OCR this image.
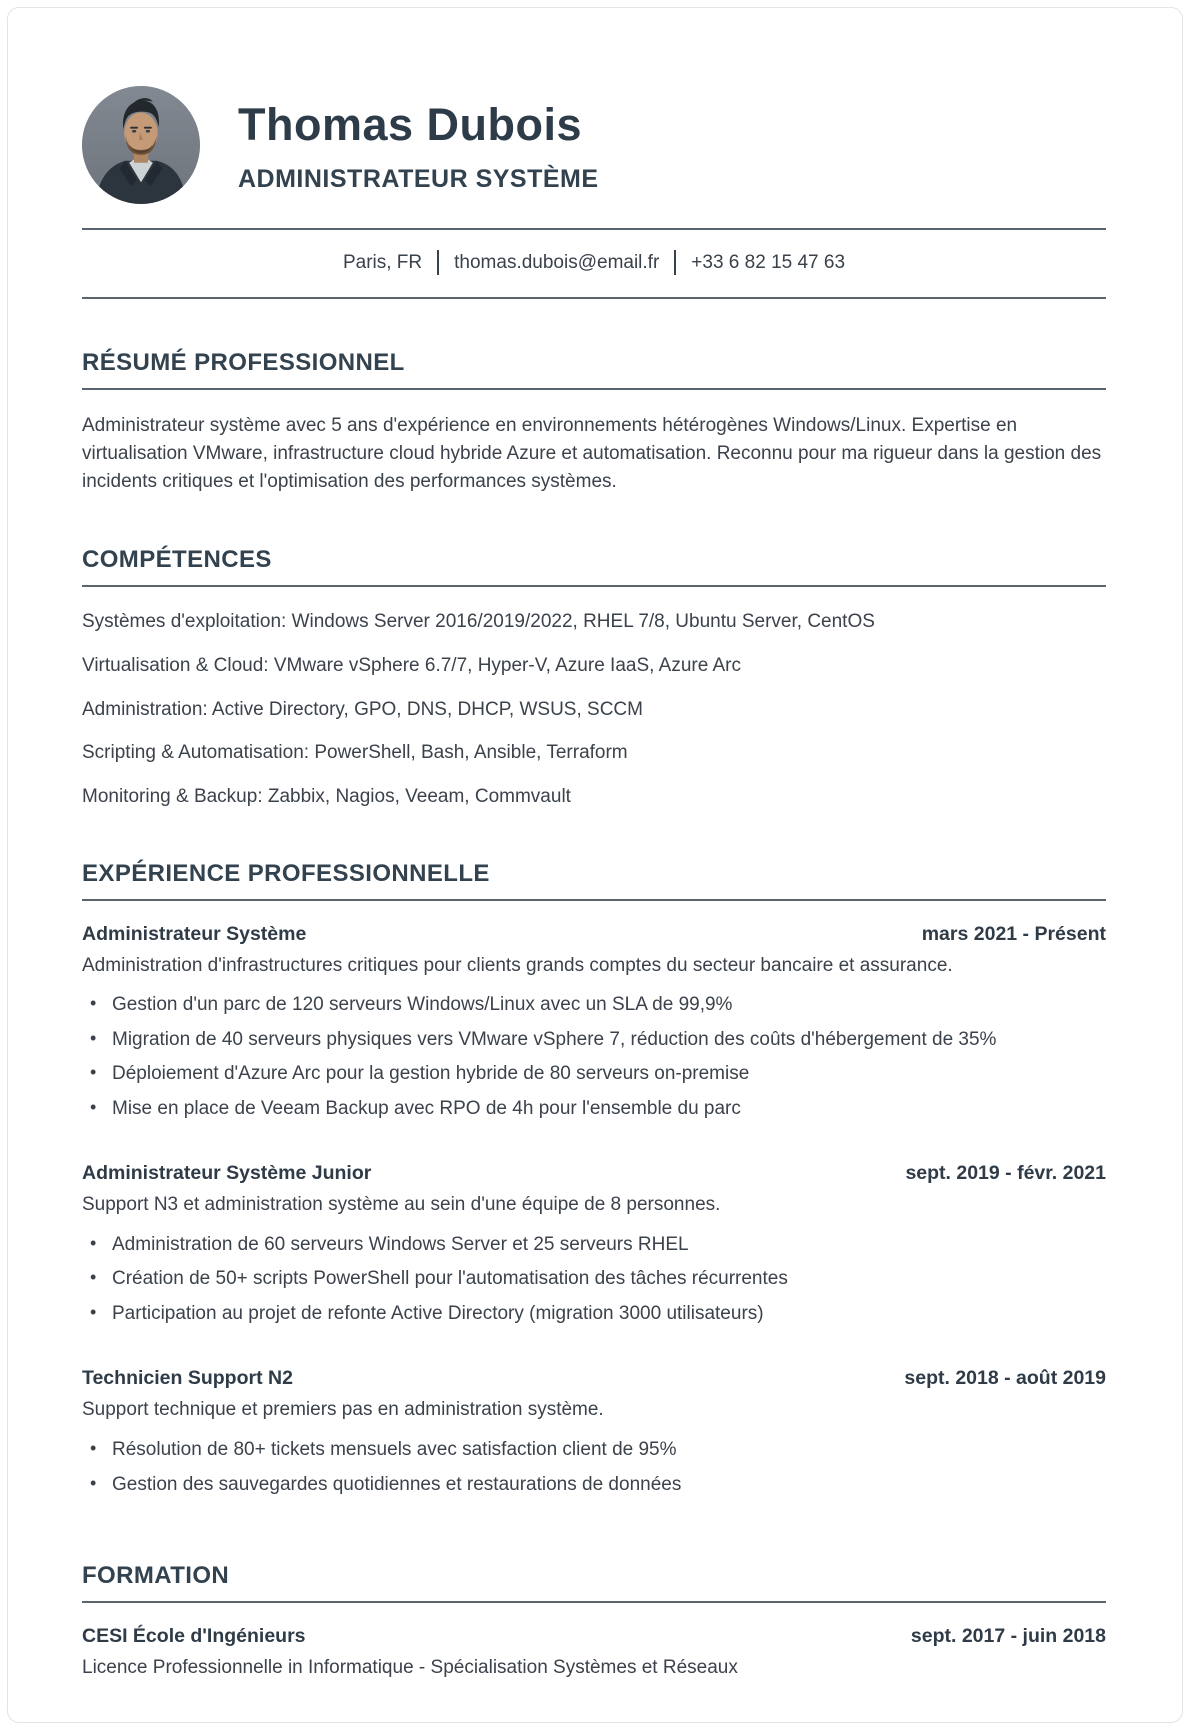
Thomas Dubois
ADMINISTRATEUR SYSTÈME
Paris, FR thomas.dubois@email.fr +33 6 82 15 47 63
RÉSUMÉ PROFESSIONNEL

Administrateur système avec 5 ans d'expérience en environnements hétérogènes Windows/Linux. Expertise en virtualisation VMware, infrastructure cloud hybride Azure et automatisation. Reconnu pour ma rigueur dans la gestion des incidents critiques et l'optimisation des performances systèmes.

COMPÉTENCES
Systèmes d'exploitation: Windows Server 2016/2019/2022, RHEL 7/8, Ubuntu Server, CentOS
Virtualisation & Cloud: VMware vSphere 6.7/7, Hyper-V, Azure IaaS, Azure Arc
Administration: Active Directory, GPO, DNS, DHCP, WSUS, SCCM
Scripting & Automatisation: PowerShell, Bash, Ansible, Terraform
Monitoring & Backup: Zabbix, Nagios, Veeam, Commvault
EXPÉRIENCE PROFESSIONNELLE
Administrateur Système	mars 2021 - Présent
Administration d'infrastructures critiques pour clients grands comptes du secteur bancaire et assurance.
• Gestion d'un parc de 120 serveurs Windows/Linux avec un SLA de 99,9%
• Migration de 40 serveurs physiques vers VMware vSphere 7, réduction des coûts d'hébergement de 35%
• Déploiement d'Azure Arc pour la gestion hybride de 80 serveurs on-premise
• Mise en place de Veeam Backup avec RPO de 4h pour l'ensemble du parc
Administrateur Système Junior	sept. 2019 - févr. 2021
Support N3 et administration système au sein d'une équipe de 8 personnes.
• Administration de 60 serveurs Windows Server et 25 serveurs RHEL
• Création de 50+ scripts PowerShell pour l'automatisation des tâches récurrentes
• Participation au projet de refonte Active Directory (migration 3000 utilisateurs)
Technicien Support N2	sept. 2018 - août 2019
Support technique et premiers pas en administration système.
• Résolution de 80+ tickets mensuels avec satisfaction client de 95%
• Gestion des sauvegardes quotidiennes et restaurations de données
FORMATION
CESI École d'Ingénieurs	sept. 2017 - juin 2018
Licence Professionnelle in Informatique - Spécialisation Systèmes et Réseaux
